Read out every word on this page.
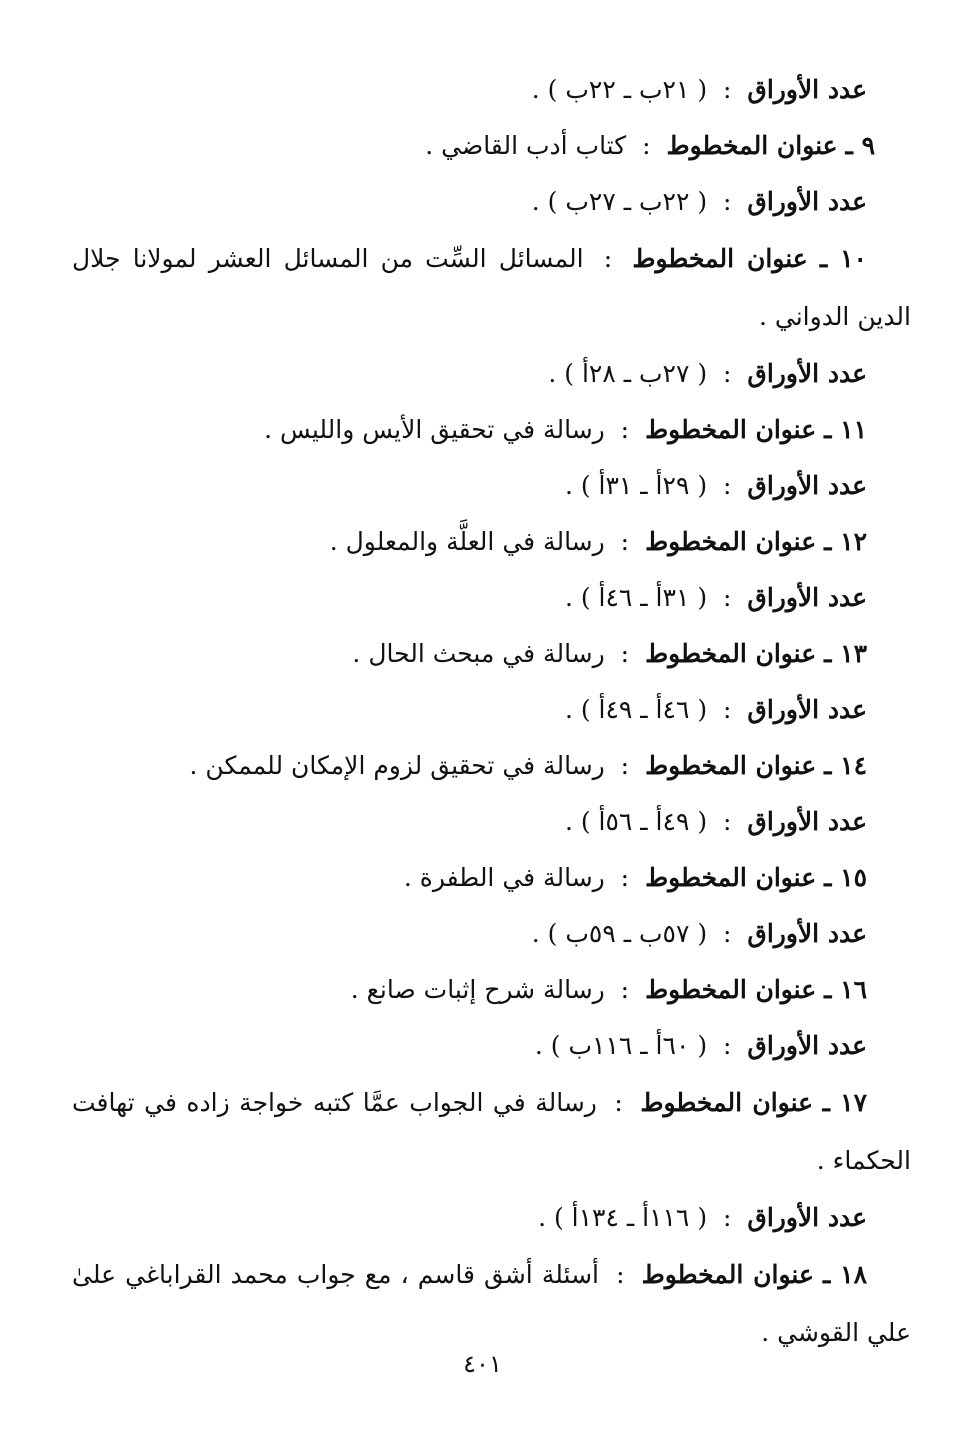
عدد الأوراق : ( ٢١ب ـ ٢٢ب ) .
٩ ـ عنوان المخطوط : كتاب أدب القاضي .
عدد الأوراق : ( ٢٢ب ـ ٢٧ب ) .
١٠ ـ عنوان المخطوط : المسائل السِّت من المسائل العشر لمولانا جلال الدين الدواني .
عدد الأوراق : ( ٢٧ب ـ ٢٨أ ) .
١١ ـ عنوان المخطوط : رسالة في تحقيق الأيس والليس .
عدد الأوراق : ( ٢٩أ ـ ٣١أ ) .
١٢ ـ عنوان المخطوط : رسالة في العلَّة والمعلول .
عدد الأوراق : ( ٣١أ ـ ٤٦أ ) .
١٣ ـ عنوان المخطوط : رسالة في مبحث الحال .
عدد الأوراق : ( ٤٦أ ـ ٤٩أ ) .
١٤ ـ عنوان المخطوط : رسالة في تحقيق لزوم الإمكان للممكن .
عدد الأوراق : ( ٤٩أ ـ ٥٦أ ) .
١٥ ـ عنوان المخطوط : رسالة في الطفرة .
عدد الأوراق : ( ٥٧ب ـ ٥٩ب ) .
١٦ ـ عنوان المخطوط : رسالة شرح إثبات صانع .
عدد الأوراق : ( ٦٠أ ـ ١١٦ب ) .
١٧ ـ عنوان المخطوط : رسالة في الجواب عمَّا كتبه خواجة زاده في تهافت الحكماء .
عدد الأوراق : ( ١١٦أ ـ ١٣٤أ ) .
١٨ ـ عنوان المخطوط : أسئلة أشق قاسم ، مع جواب محمد القراباغي علىٰ علي القوشي .
٤٠١
